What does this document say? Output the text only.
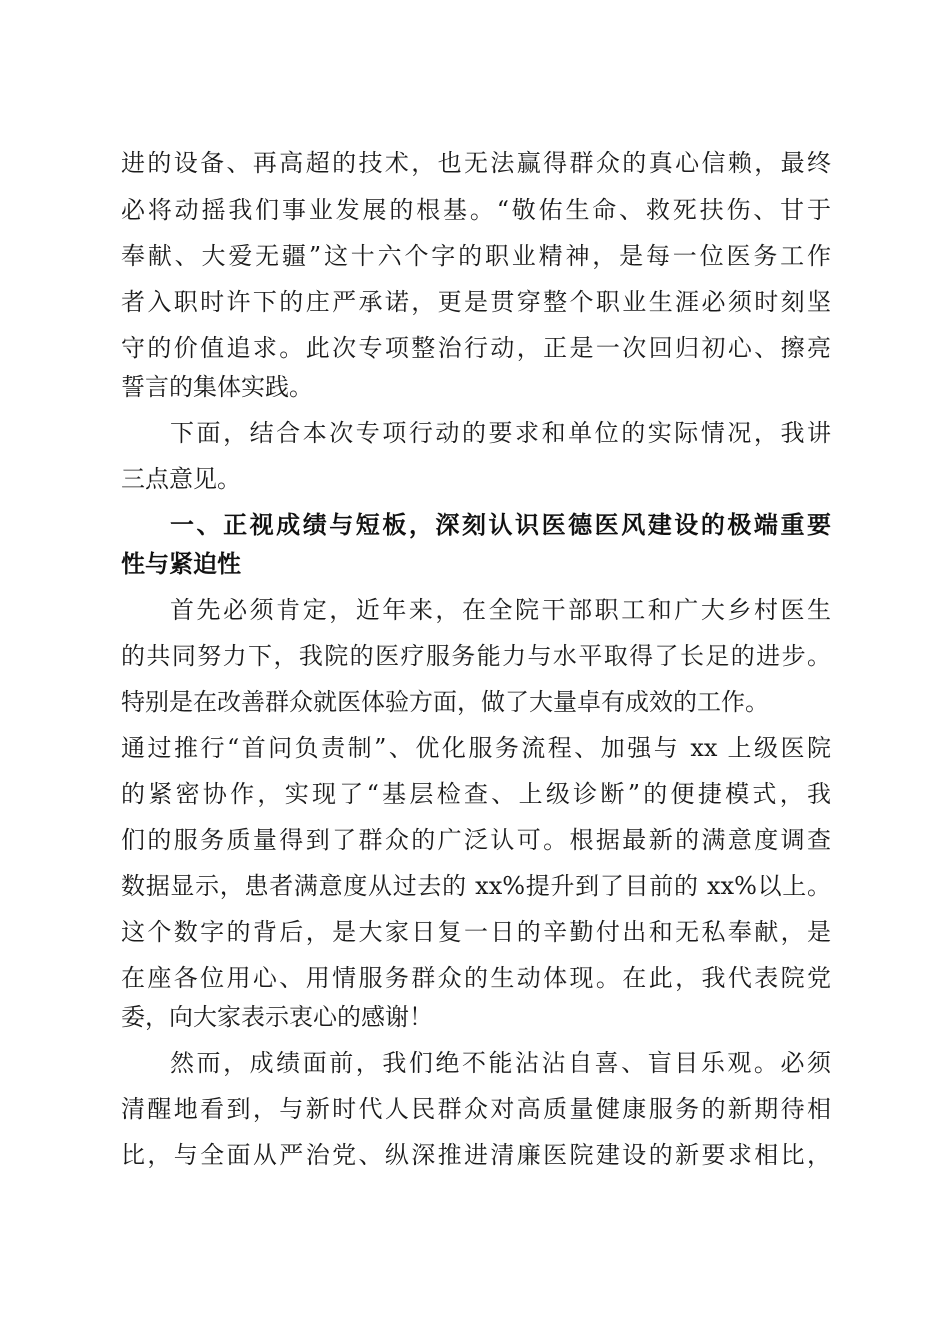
进的设备、再高超的技术，也无法赢得群众的真心信赖，最终
必将动摇我们事业发展的根基。“敬佑生命、救死扶伤、甘于
奉献、大爱无疆”这十六个字的职业精神，是每一位医务工作
者入职时许下的庄严承诺，更是贯穿整个职业生涯必须时刻坚
守的价值追求。此次专项整治行动，正是一次回归初心、擦亮
誓言的集体实践。
下面，结合本次专项行动的要求和单位的实际情况，我讲
三点意见。
一、正视成绩与短板，深刻认识医德医风建设的极端重要
性与紧迫性
首先必须肯定，近年来，在全院干部职工和广大乡村医生
的共同努力下，我院的医疗服务能力与水平取得了长足的进步。
特别是在改善群众就医体验方面，做了大量卓有成效的工作。
通过推行“首问负责制”、优化服务流程、加强与 xx 上级医院
的紧密协作，实现了“基层检查、上级诊断”的便捷模式，我
们的服务质量得到了群众的广泛认可。根据最新的满意度调查
数据显示，患者满意度从过去的 xx%提升到了目前的 xx%以上。
这个数字的背后，是大家日复一日的辛勤付出和无私奉献，是
在座各位用心、用情服务群众的生动体现。在此，我代表院党
委，向大家表示衷心的感谢！
然而，成绩面前，我们绝不能沾沾自喜、盲目乐观。必须
清醒地看到，与新时代人民群众对高质量健康服务的新期待相
比，与全面从严治党、纵深推进清廉医院建设的新要求相比，
